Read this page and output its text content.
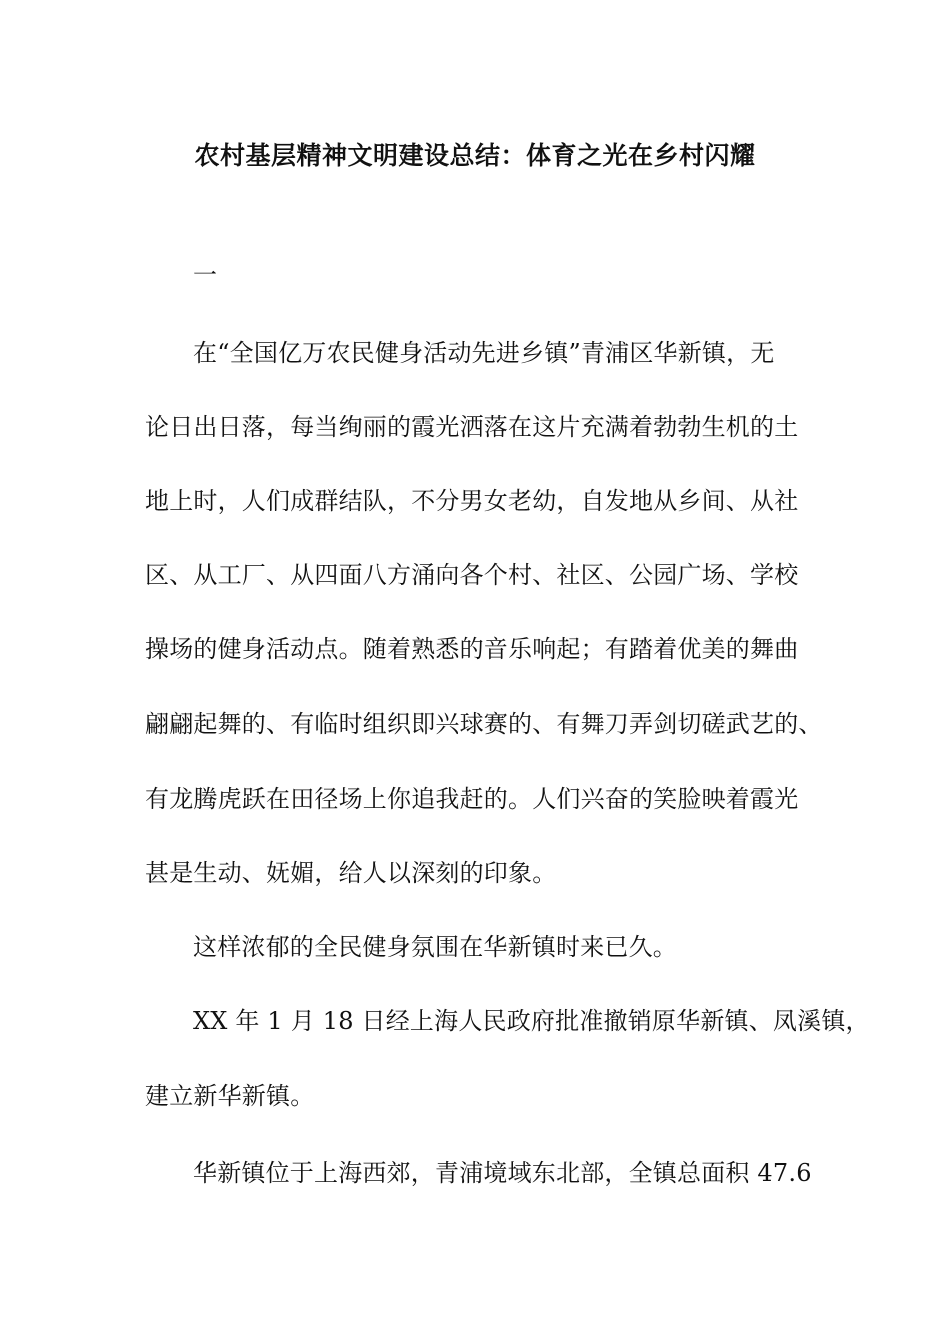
农村基层精神文明建设总结：体育之光在乡村闪耀
一
在“全国亿万农民健身活动先进乡镇”青浦区华新镇，无
论日出日落，每当绚丽的霞光洒落在这片充满着勃勃生机的土
地上时，人们成群结队，不分男女老幼，自发地从乡间、从社
区、从工厂、从四面八方涌向各个村、社区、公园广场、学校
操场的健身活动点。随着熟悉的音乐响起；有踏着优美的舞曲
翩翩起舞的、有临时组织即兴球赛的、有舞刀弄剑切磋武艺的、
有龙腾虎跃在田径场上你追我赶的。人们兴奋的笑脸映着霞光
甚是生动、妩媚，给人以深刻的印象。
这样浓郁的全民健身氛围在华新镇时来已久。
XX 年 1 月 18 日经上海人民政府批准撤销原华新镇、凤溪镇，
建立新华新镇。
华新镇位于上海西郊，青浦境域东北部，全镇总面积 47.6
